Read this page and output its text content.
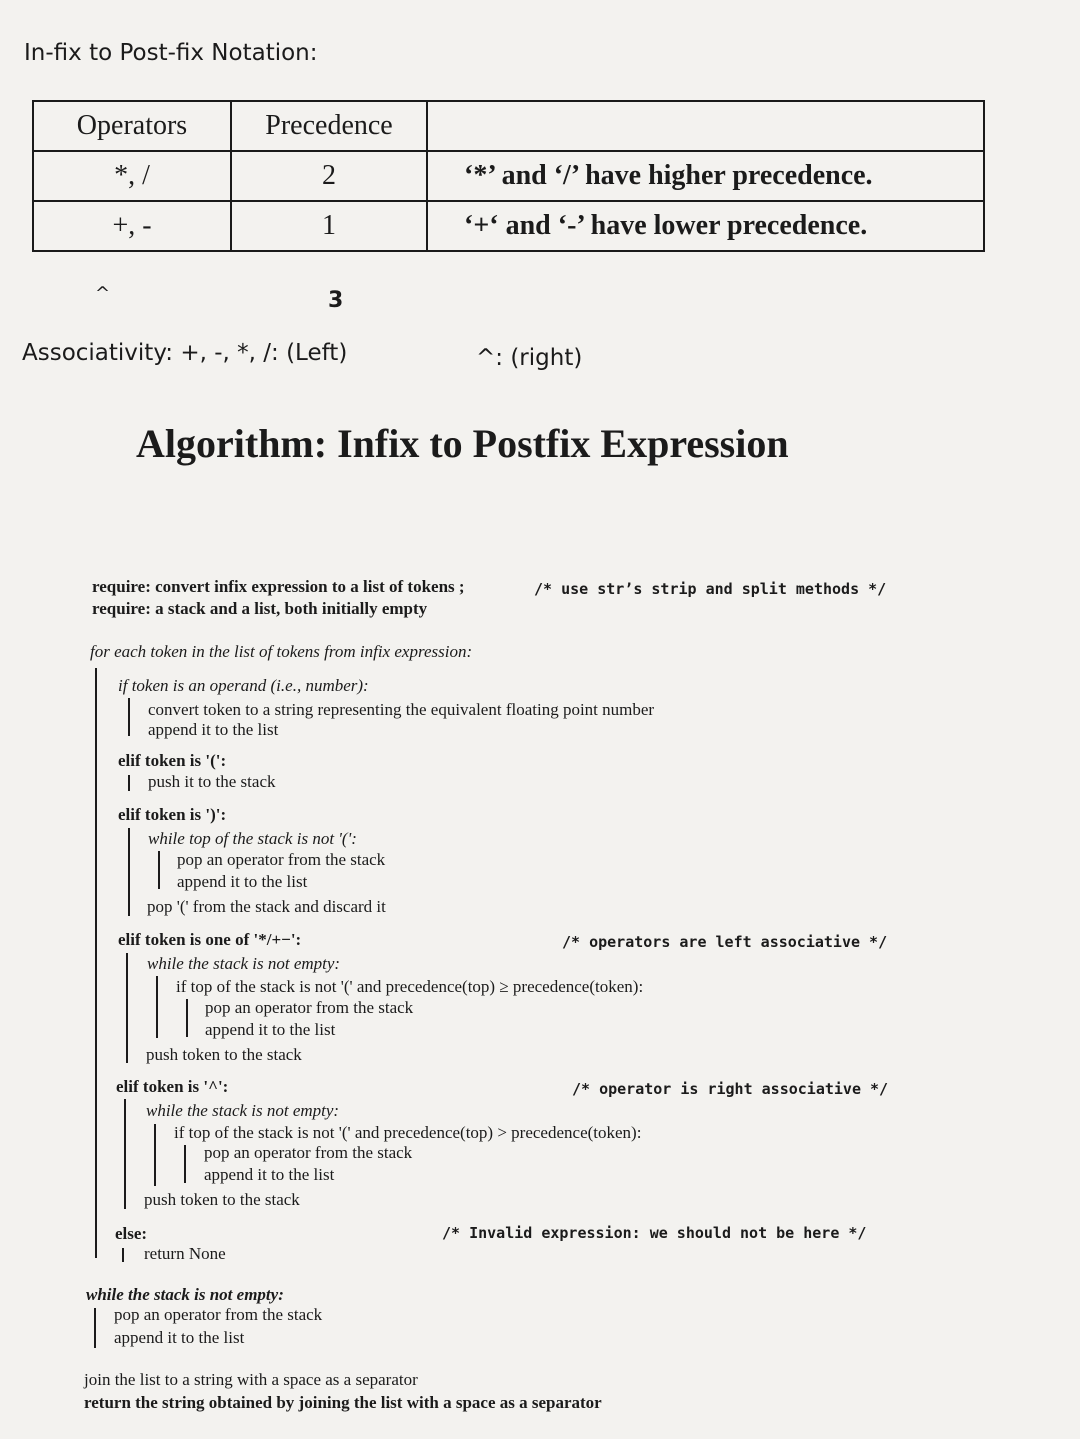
In-fix to Post-fix Notation:
Operators	Precedence	
*, /	2	‘*’ and ‘/’ have higher precedence.
+, -	1	‘+‘ and ‘-’ have lower precedence.
^	3
Associativity: +, -, *, /: (Left)	^: (right)
Algorithm: Infix to Postfix Expression
require: convert infix expression to a list of tokens ;	/* use str’s strip and split methods */
require: a stack and a list, both initially empty
for each token in the list of tokens from infix expression:
if token is an operand (i.e., number):
convert token to a string representing the equivalent floating point number
append it to the list
elif token is '(':
push it to the stack
elif token is ')':
while top of the stack is not '(':
pop an operator from the stack
append it to the list
pop '(' from the stack and discard it
elif token is one of '*/+−':	/* operators are left associative */
while the stack is not empty:
if top of the stack is not '(' and precedence(top) ≥ precedence(token):
pop an operator from the stack
append it to the list
push token to the stack
elif token is '^':	/* operator is right associative */
while the stack is not empty:
if top of the stack is not '(' and precedence(top) > precedence(token):
pop an operator from the stack
append it to the list
push token to the stack
else:	/* Invalid expression: we should not be here */
return None
while the stack is not empty:
pop an operator from the stack
append it to the list
join the list to a string with a space as a separator
return the string obtained by joining the list with a space as a separator
